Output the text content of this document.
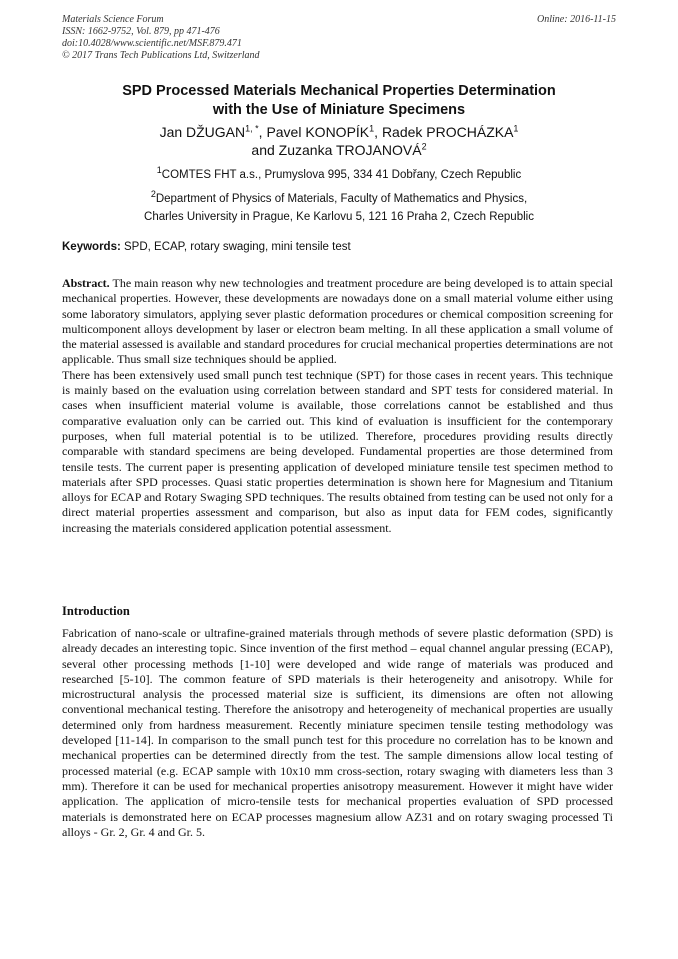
Materials Science Forum
ISSN: 1662-9752, Vol. 879, pp 471-476
doi:10.4028/www.scientific.net/MSF.879.471
© 2017 Trans Tech Publications Ltd, Switzerland
Online: 2016-11-15
SPD Processed Materials Mechanical Properties Determination
with the Use of Miniature Specimens
Jan $DŽUGAN^{1, *}$, Pavel KONOPÍK$^1$, Radek PROCHÁZKA$^1$
and Zuzanka TROJANOVÁ$^2$
$^1$COMTES FHT a.s., Prumyslova 995, 334 41 Dobřany, Czech Republic
$^2$Department of Physics of Materials, Faculty of Mathematics and Physics,
Charles University in Prague, Ke Karlovu 5, 121 16 Praha 2, Czech Republic
Keywords: SPD, ECAP, rotary swaging, mini tensile test

Abstract. The main reason why new technologies and treatment procedure are being developed is to attain special mechanical properties. However, these developments are nowadays done on a small material volume either using some laboratory simulators, applying sever plastic deformation procedures or chemical composition screening for multicomponent alloys development by laser or electron beam melting. In all these application a small volume of the material assessed is available and standard procedures for crucial mechanical properties determinations are not applicable. Thus small size techniques should be applied.

There has been extensively used small punch test technique (SPT) for those cases in recent years. This technique is mainly based on the evaluation using correlation between standard and SPT tests for considered material. In cases when insufficient material volume is available, those correlations cannot be established and thus comparative evaluation only can be carried out. This kind of evaluation is insufficient for the contemporary purposes, when full material potential is to be utilized. Therefore, procedures providing results directly comparable with standard specimens are being developed. Fundamental properties are those determined from tensile tests. The current paper is presenting application of developed miniature tensile test specimen method to materials after SPD processes. Quasi static properties determination is shown here for Magnesium and Titanium alloys for ECAP and Rotary Swaging SPD techniques. The results obtained from testing can be used not only for a direct material properties assessment and comparison, but also as input data for FEM codes, significantly increasing the materials considered application potential assessment.

Introduction

Fabrication of nano-scale or ultrafine-grained materials through methods of severe plastic deformation (SPD) is already decades an interesting topic. Since invention of the first method – equal channel angular pressing (ECAP), several other processing methods [1-10] were developed and wide range of materials was produced and researched [5-10]. The common feature of SPD materials is their heterogeneity and anisotropy. While for microstructural analysis the processed material size is sufficient, its dimensions are often not allowing conventional mechanical testing. Therefore the anisotropy and heterogeneity of mechanical properties are usually determined only from hardness measurement. Recently miniature specimen tensile testing methodology was developed [11-14]. In comparison to the small punch test for this procedure no correlation has to be known and mechanical properties can be determined directly from the test. The sample dimensions allow local testing of processed material (e.g. ECAP sample with 10x10 mm cross-section, rotary swaging with diameters less than 3 mm). Therefore it can be used for mechanical properties anisotropy measurement. However it might have wider application. The application of micro-tensile tests for mechanical properties evaluation of SPD processed materials is demonstrated here on ECAP processes magnesium allow AZ31 and on rotary swaging processed Ti alloys - Gr. 2, Gr. 4 and Gr. 5.
